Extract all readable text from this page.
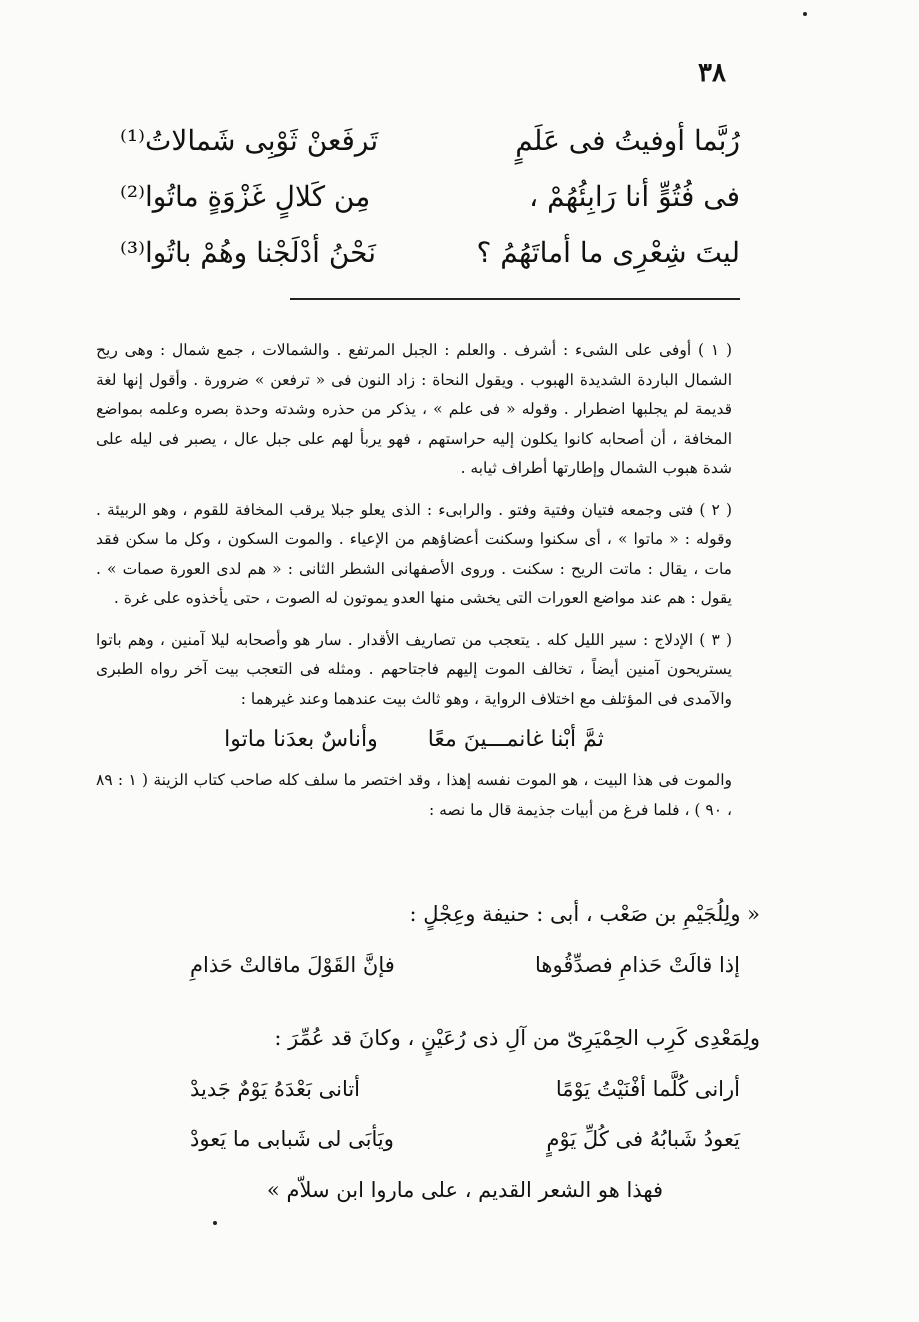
٣٨
رُبَّما أوفيتُ فى عَلَمٍ
تَرفَعنْ ثَوْبِى شَمالاتُ⁽¹⁾
فى فُتُوٍّ أنا رَابِئُهُمْ ،
مِن كَلالٍ غَزْوَةٍ ماتُوا⁽²⁾
ليتَ شِعْرِى ما أماتَهُمُ ؟
نَحْنُ أدْلَجْنا وهُمْ باتُوا⁽³⁾

( ١ ) أوفى على الشىء : أشرف . والعلم : الجبل المرتفع . والشمالات ، جمع شمال : وهى ريح الشمال الباردة الشديدة الهبوب . ويقول النحاة : زاد النون فى « ترفعن » ضرورة . وأقول إنها لغة قديمة لم يجلبها اضطرار . وقوله « فى علم » ، يذكر من حذره وشدته وحدة بصره وعلمه بمواضع المخافة ، أن أصحابه كانوا يكلون إليه حراستهم ، فهو يربأ لهم على جبل عال ، يصبر فى ليله على شدة هبوب الشمال وإطارتها أطراف ثيابه .

( ٢ ) فتى وجمعه فتيان وفتية وفتو . والرابىء : الذى يعلو جبلا يرقب المخافة للقوم ، وهو الربيئة . وقوله : « ماتوا » ، أى سكنوا وسكنت أعضاؤهم من الإعياء . والموت السكون ، وكل ما سكن فقد مات ، يقال : ماتت الريح : سكنت . وروى الأصفهانى الشطر الثانى : « هم لدى العورة صمات » . يقول : هم عند مواضع العورات التى يخشى منها العدو يموتون له الصوت ، حتى يأخذوه على غرة .

( ٣ ) الإدلاج : سير الليل كله . يتعجب من تصاريف الأقدار . سار هو وأصحابه ليلا آمنين ، وهم باتوا يستريحون آمنين أيضاً ، تخالف الموت إليهم فاجتاحهم . ومثله فى التعجب بيت آخر رواه الطبرى والآمدى فى المؤتلف مع اختلاف الرواية ، وهو ثالث بيت عندهما وعند غيرهما :

ثمَّ أبْنا غانمـــينَ معًا
وأناسٌ بعدَنا ماتوا

والموت فى هذا البيت ، هو الموت نفسه إهذا ، وقد اختصر ما سلف كله صاحب كتاب الزينة ( ١ : ٨٩ ، ٩٠ ) ، فلما فرغ من أبيات جذيمة قال ما نصه :

« ولِلُجَيْمِ بن صَعْب ، أبى : حنيفة وعِجْلٍ :
إذا قالَتْ حَذامِ فصدِّقُوها
فإنَّ القَوْلَ ماقالتْ حَذامِ
ولِمَعْدِى كَرِب الحِمْيَرِىّ من آلِ ذى رُعَيْنٍ ، وكانَ قد عُمِّرَ :
أرانى كُلَّما أفْنَيْتُ يَوْمًا
أتانى بَعْدَهُ يَوْمٌ جَديدْ
يَعودُ شَبابُهُ فى كُلِّ يَوْمٍ
ويَأبَى لى شَبابى ما يَعودْ
فهذا هو الشعر القديم ، على ماروا ابن سلاّم »
